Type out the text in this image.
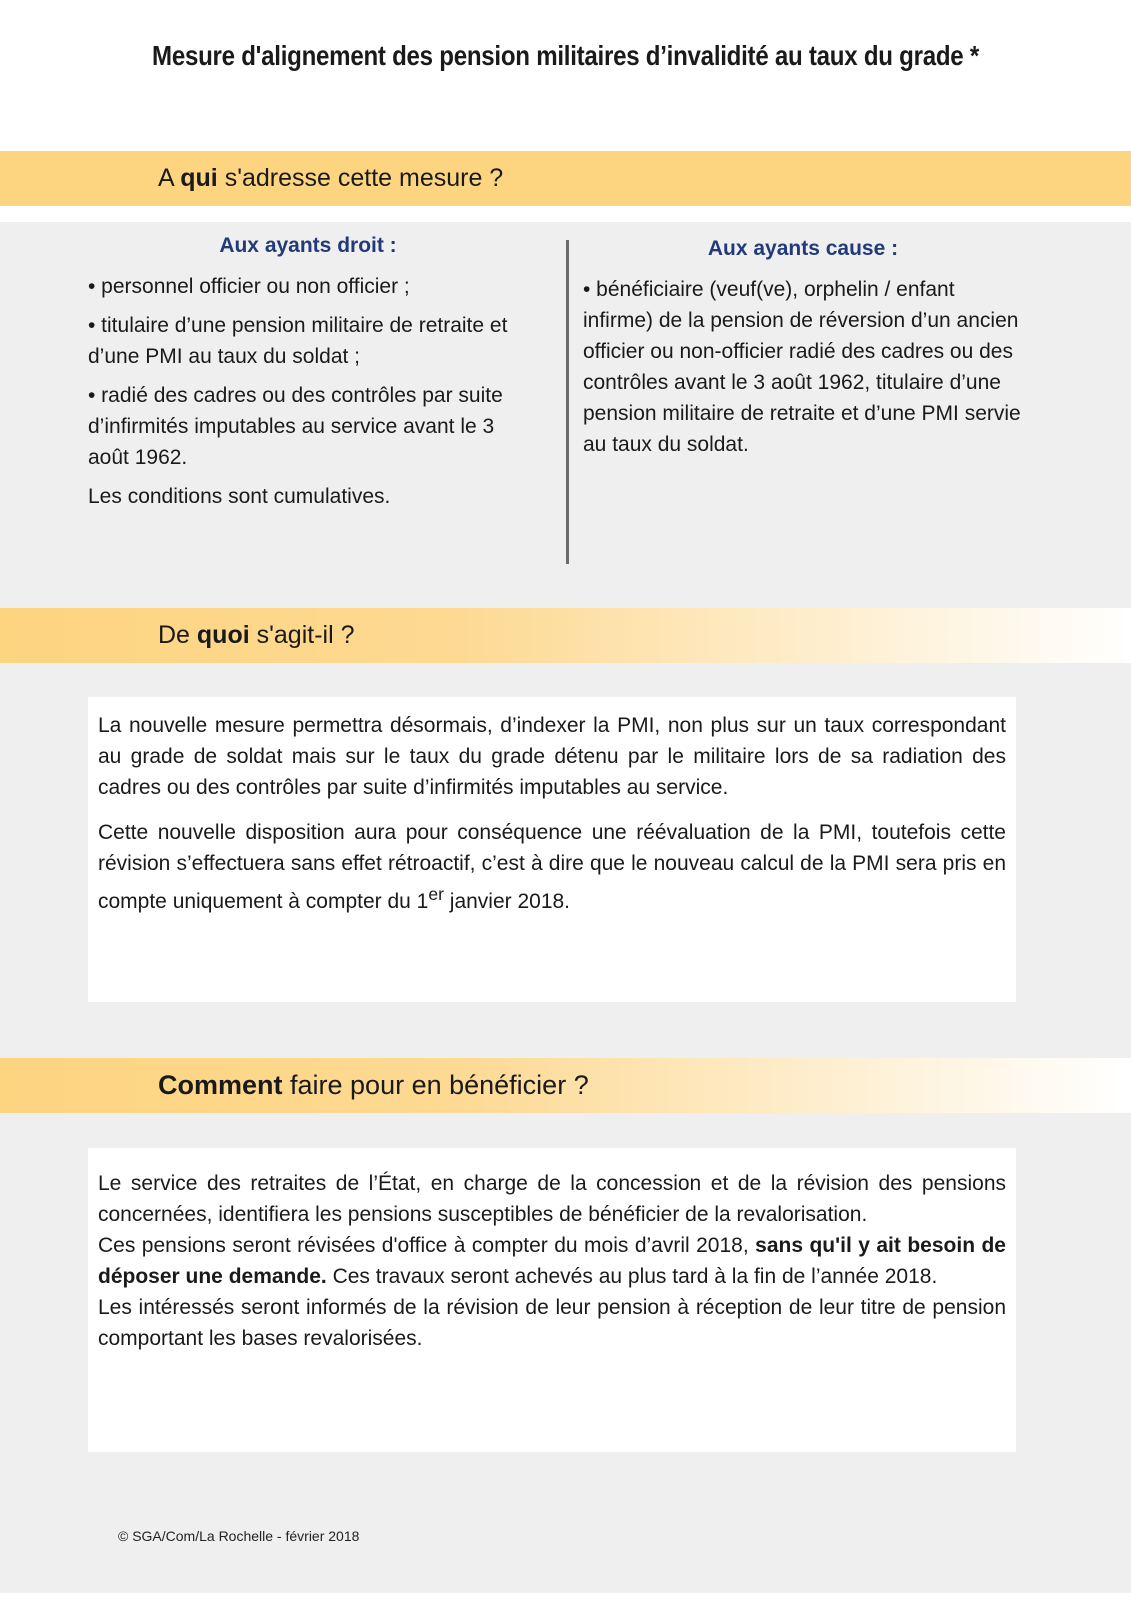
Mesure d'alignement des pension militaires d’invalidité au taux du grade *
A qui s'adresse cette mesure ?
Aux ayants droit :

• personnel officier ou non officier ;

• titulaire d’une pension militaire de retraite et d’une PMI au taux du soldat ;

• radié des cadres ou des contrôles par suite d’infirmités imputables au service avant le 3 août 1962.

Les conditions sont cumulatives.

Aux ayants cause :

• bénéficiaire (veuf(ve), orphelin / enfant infirme) de la pension de réversion d’un ancien officier ou non-officier radié des cadres ou des contrôles avant le 3 août 1962, titulaire d’une pension militaire de retraite et d’une PMI servie au taux du soldat.

De quoi s'agit-il ?

La nouvelle mesure permettra désormais, d’indexer la PMI, non plus sur un taux correspondant au grade de soldat mais sur le taux du grade détenu par le militaire lors de sa radiation des cadres ou des contrôles par suite d’infirmités imputables au service.

Cette nouvelle disposition aura pour conséquence une réévaluation de la PMI, toutefois cette révision s’effectuera sans effet rétroactif, c’est à dire que le nouveau calcul de la PMI sera pris en compte uniquement à compter du 1er janvier 2018.

Comment faire pour en bénéficier ?

Le service des retraites de l’État, en charge de la concession et de la révision des pensions concernées, identifiera les pensions susceptibles de bénéficier de la revalorisation.

Ces pensions seront révisées d'office à compter du mois d’avril 2018, sans qu'il y ait besoin de déposer une demande. Ces travaux seront achevés au plus tard à la fin de l’année 2018.

Les intéressés seront informés de la révision de leur pension à réception de leur titre de pension comportant les bases revalorisées.

© SGA/Com/La Rochelle - février 2018
